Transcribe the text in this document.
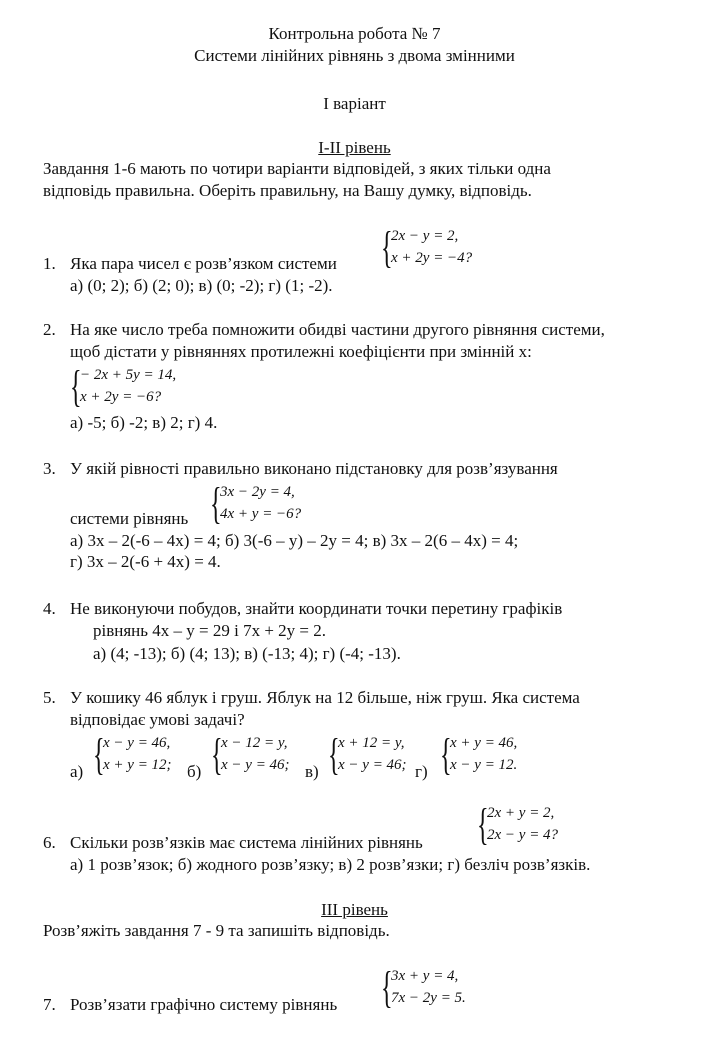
Контрольна робота № 7
Системи лінійних рівнянь з двома змінними
І варіант
І-ІІ рівень
Завдання 1-6 мають по чотири варіанти відповідей, з яких тільки одна
відповідь правильна. Оберіть правильну, на Вашу думку, відповідь.
1. Яка пара чисел є розв’язком системи {
2x − y = 2,
x + 2y = −4?
а) (0; 2); б) (2; 0); в) (0; -2); г) (1; -2).
2. На яке число треба помножити обидві частини другого рівняння системи,
щоб дістати у рівняннях протилежні коефіцієнти при змінній x:
{
− 2x + 5y = 14,
x + 2y = −6?
а) -5; б) -2; в) 2; г) 4.
3. У якій рівності правильно виконано підстановку для розв’язування
{
3x − 2y = 4,
4x + y = −6?
системи рівнянь
а) 3х – 2(-6 – 4х) = 4; б) 3(-6 – у) – 2у = 4; в) 3х – 2(6 – 4х) = 4;
г) 3х – 2(-6 + 4х) = 4.
4. Не виконуючи побудов, знайти координати точки перетину графіків
рівнянь 4х – у = 29 і 7х + 2у = 2.
а) (4; -13); б) (4; 13); в) (-13; 4); г) (-4; -13).
5. У кошику 46 яблук і груш. Яблук на 12 більше, ніж груш. Яка система
відповідає умові задачі?
а) {
x − y = 46,
x + y = 12; б) {
x − 12 = y,
x − y = 46; в) {
x + 12 = y,
x − y = 46; г) {
x + y = 46,
x − y = 12.
6. Скільки розв’язків має система лінійних рівнянь {
2x + y = 2,
2x − y = 4?
а) 1 розв’язок; б) жодного розв’язку; в) 2 розв’язки; г) безліч розв’язків.
ІІІ рівень
Розв’яжіть завдання 7 - 9 та запишіть відповідь.
7. Розв’язати графічно систему рівнянь {
3x + y = 4,
7x − 2y = 5.
